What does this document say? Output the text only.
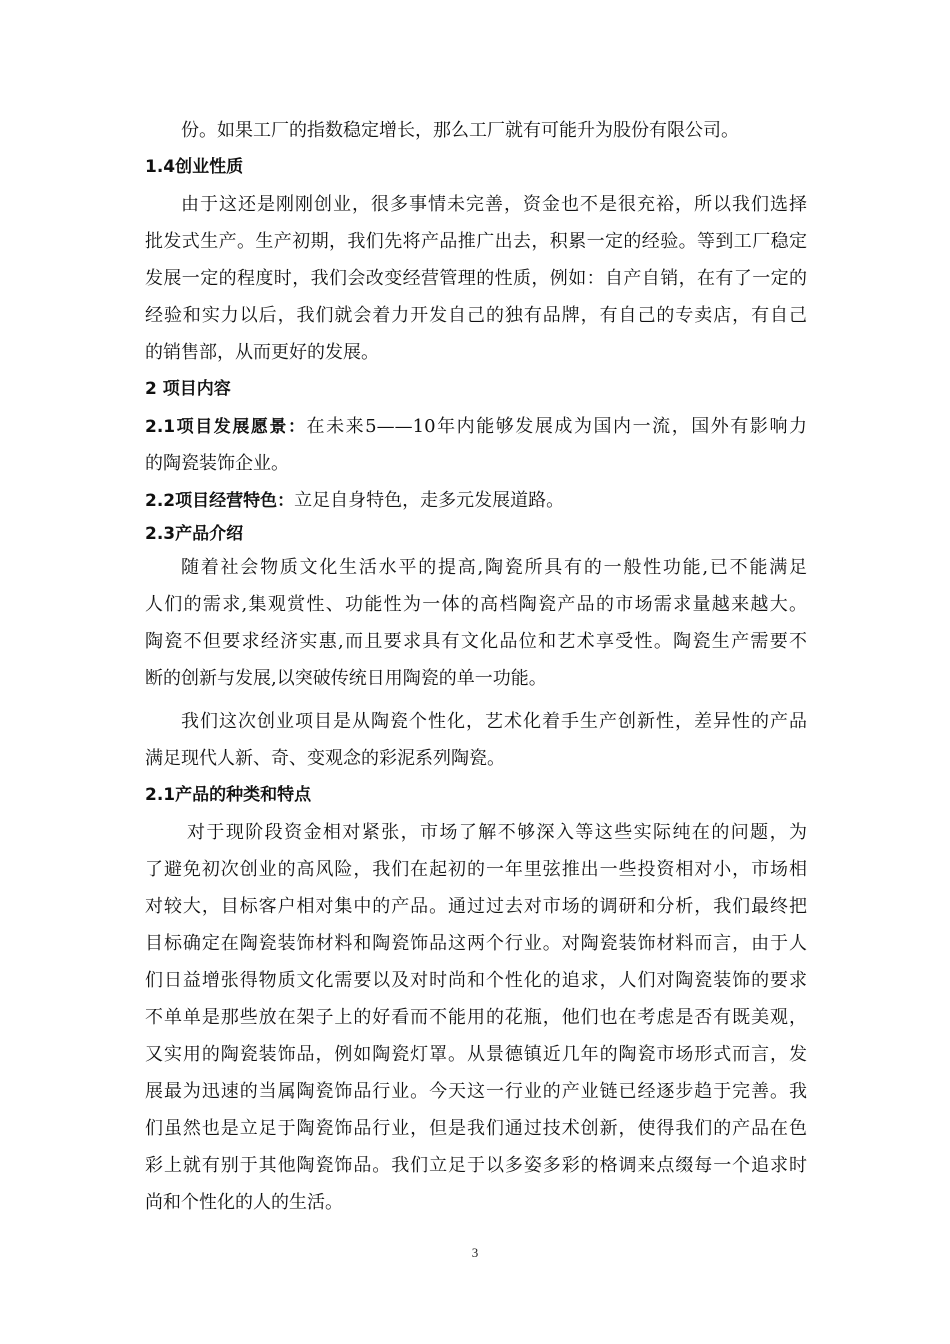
份。如果工厂的指数稳定增长，那么工厂就有可能升为股份有限公司。
1.4创业性质
由于这还是刚刚创业，很多事情未完善，资金也不是很充裕，所以我们选择
批发式生产。生产初期，我们先将产品推广出去，积累一定的经验。等到工厂稳定
发展一定的程度时，我们会改变经营管理的性质，例如：自产自销，在有了一定的
经验和实力以后，我们就会着力开发自己的独有品牌，有自己的专卖店，有自己
的销售部，从而更好的发展。
2 项目内容
2.1项目发展愿景：在未来5——10年内能够发展成为国内一流，国外有影响力
的陶瓷装饰企业。
2.2项目经营特色：立足自身特色，走多元发展道路。
2.3产品介绍
随着社会物质文化生活水平的提高,陶瓷所具有的一般性功能,已不能满足
人们的需求,集观赏性、功能性为一体的高档陶瓷产品的市场需求量越来越大。
陶瓷不但要求经济实惠,而且要求具有文化品位和艺术享受性。陶瓷生产需要不
断的创新与发展,以突破传统日用陶瓷的单一功能。
我们这次创业项目是从陶瓷个性化，艺术化着手生产创新性，差异性的产品
满足现代人新、奇、变观念的彩泥系列陶瓷。
2.1产品的种类和特点
对于现阶段资金相对紧张，市场了解不够深入等这些实际纯在的问题，为
了避免初次创业的高风险，我们在起初的一年里弦推出一些投资相对小，市场相
对较大，目标客户相对集中的产品。通过过去对市场的调研和分析，我们最终把
目标确定在陶瓷装饰材料和陶瓷饰品这两个行业。对陶瓷装饰材料而言，由于人
们日益增张得物质文化需要以及对时尚和个性化的追求，人们对陶瓷装饰的要求
不单单是那些放在架子上的好看而不能用的花瓶，他们也在考虑是否有既美观，
又实用的陶瓷装饰品，例如陶瓷灯罩。从景德镇近几年的陶瓷市场形式而言，发
展最为迅速的当属陶瓷饰品行业。今天这一行业的产业链已经逐步趋于完善。我
们虽然也是立足于陶瓷饰品行业，但是我们通过技术创新，使得我们的产品在色
彩上就有别于其他陶瓷饰品。我们立足于以多姿多彩的格调来点缀每一个追求时
尚和个性化的人的生活。
3
